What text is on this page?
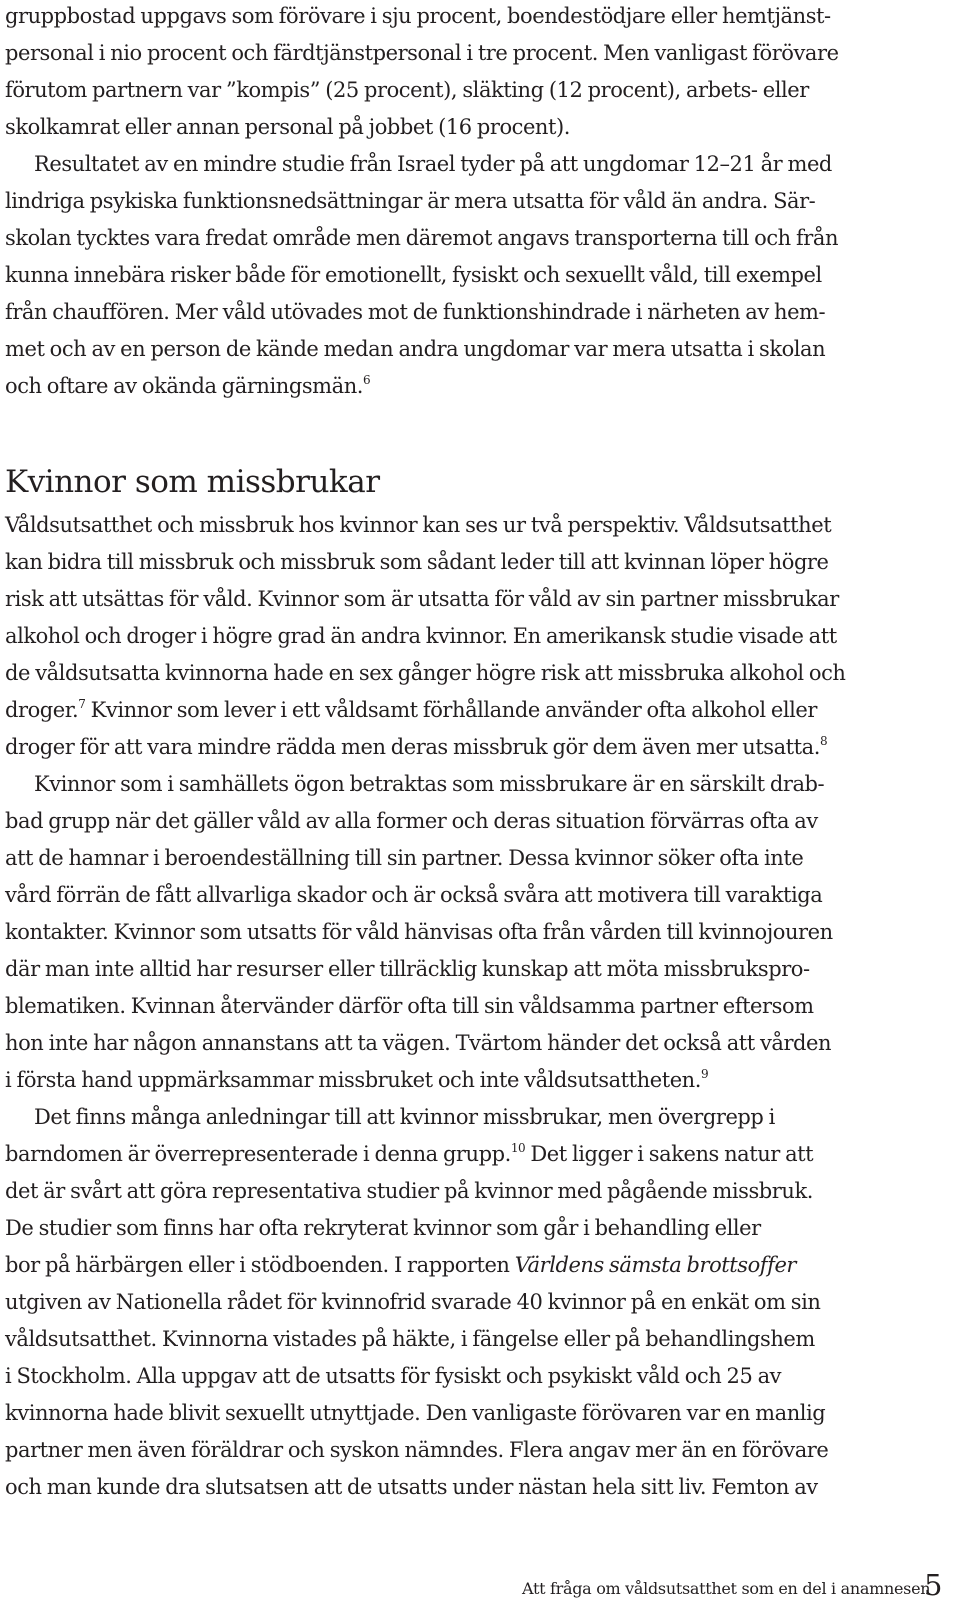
gruppbostad uppgavs som förövare i sju procent, boendestödjare eller hemtjänst-
personal i nio procent och färdtjänstpersonal i tre procent. Men vanligast förövare
förutom partnern var ”kompis” (25 procent), släkting (12 procent), arbets- eller
skolkamrat eller annan personal på jobbet (16 procent).
Resultatet av en mindre studie från Israel tyder på att ungdomar 12–21 år med
lindriga psykiska funktionsnedsättningar är mera utsatta för våld än andra. Sär-
skolan tycktes vara fredat område men däremot angavs transporterna till och från
kunna innebära risker både för emotionellt, fysiskt och sexuellt våld, till exempel
från chauffören. Mer våld utövades mot de funktionshindrade i närheten av hem-
met och av en person de kände medan andra ungdomar var mera utsatta i skolan
och oftare av okända gärningsmän.$^6$
Kvinnor som missbrukar
Våldsutsatthet och missbruk hos kvinnor kan ses ur två perspektiv. Våldsutsatthet
kan bidra till missbruk och missbruk som sådant leder till att kvinnan löper högre
risk att utsättas för våld. Kvinnor som är utsatta för våld av sin partner missbrukar
alkohol och droger i högre grad än andra kvinnor. En amerikansk studie visade att
de våldsutsatta kvinnorna hade en sex gånger högre risk att missbruka alkohol och
droger.$^7$ Kvinnor som lever i ett våldsamt förhållande använder ofta alkohol eller
droger för att vara mindre rädda men deras missbruk gör dem även mer utsatta.$^8$
Kvinnor som i samhällets ögon betraktas som missbrukare är en särskilt drab-
bad grupp när det gäller våld av alla former och deras situation förvärras ofta av
att de hamnar i beroendeställning till sin partner. Dessa kvinnor söker ofta inte
vård förrän de fått allvarliga skador och är också svåra att motivera till varaktiga
kontakter. Kvinnor som utsatts för våld hänvisas ofta från vården till kvinnojouren
där man inte alltid har resurser eller tillräcklig kunskap att möta missbrukspro-
blematiken. Kvinnan återvänder därför ofta till sin våldsamma partner eftersom
hon inte har någon annanstans att ta vägen. Tvärtom händer det också att vården
i första hand uppmärksammar missbruket och inte våldsutsattheten.$^9$
Det finns många anledningar till att kvinnor missbrukar, men övergrepp i
barndomen är överrepresenterade i denna grupp.$^{10}$ Det ligger i sakens natur att
det är svårt att göra representativa studier på kvinnor med pågående missbruk.
De studier som finns har ofta rekryterat kvinnor som går i behandling eller
bor på härbärgen eller i stödboenden. I rapporten Världens sämsta brottsoffer
utgiven av Nationella rådet för kvinnofrid svarade 40 kvinnor på en enkät om sin
våldsutsatthet. Kvinnorna vistades på häkte, i fängelse eller på behandlingshem
i Stockholm. Alla uppgav att de utsatts för fysiskt och psykiskt våld och 25 av
kvinnorna hade blivit sexuellt utnyttjade. Den vanligaste förövaren var en manlig
partner men även föräldrar och syskon nämndes. Flera angav mer än en förövare
och man kunde dra slutsatsen att de utsatts under nästan hela sitt liv. Femton av
Att fråga om våldsutsatthet som en del i anamnesen
5
